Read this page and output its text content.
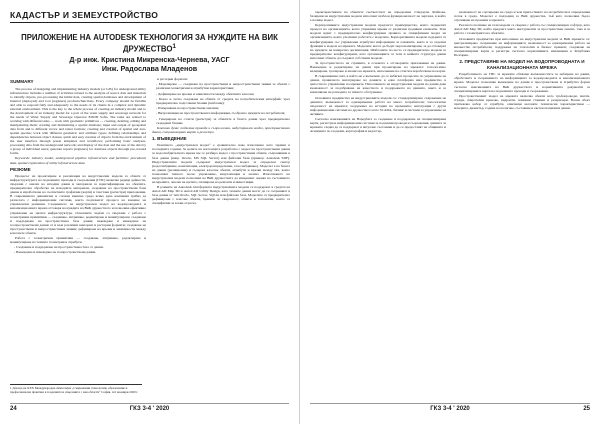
КАДАСТЪР И ЗЕМЕУСТРОЙСТВО
ПРИЛОЖЕНИЕ НА AUTODESK ТЕХНОЛОГИЯ ЗА НУЖДИТЕ НА ВИК ДРУЖЕСТВО$^1$
Д-р инж. Кристина Микренска-Чернева, УАСГ
Инж. Радослава Младенов

SUMMARY

The process of designing and implementing industry models (or GIS) for underground utility infrastructure includes a number of activities related to the analysis of source data and materials to identify objects, pre-processing the initial data, creating spatial databases and development of internal (deployed) and tool (registers) products/functions. Every company should be flexible and able to respond fully and adequately to the needs of its clients in a complex and dynamic external environment. This is the key to the whole process of creating an industry model and to the development of an industry model for a part of the water supply and sewerage network for the needs of Water Supply and Sewerage Operator EOOD Sofia. The tasks are related to working with different tasks — work with geometric primitives — creating, deleting, editing and manipulating them; creating and maintaining a spatial database; input and output of geospatial data from and to different vector and raster formats; creating and creation of spatial and non-spatial queries; work with different geometric and attribute types; defining relationships and dependencies between object classes; quick and easy creation of objects from the environment of the user interface through preset templates and workflows; performing basic analyses; processing data from the underground network; and display of the data and the use of the data by a group of individual users; generate reports (registers) for database objects through pre-created forms.

Keywords: industry model, underground pipeline infrastructure and facilities: procedural data, spatial registration of utility infrastructure data

РЕЗЮМЕ

Процесът на проектиране и реализация на индустриални модели за обекти от инфраструктурата на подземните проводи и съоръжения (ГПС) включва редица дейности, свързани с анализ на изходни данни и материали за идентифициране на обектите, предварителна обработка на изходните материали, създаване на пространствени бази данни и изработване на съответните графични (карти) и текстови (регистри) приложения. В съвременната динамична и сложна външна среда всяка една компания трябва да разполага с информационни системи, които подпомагат процеса на вземане на управленски решения. Създаването на индустриален модел на водопроводната и канализационната мрежа отговаря на нуждите на ВиК дружеството и позволява ефективно управление на цялата инфраструктура. Основните задачи са свързани с работа с геометрични примитиви — създаване, изтриване, редактиране и манипулиране; създаване и поддържане на пространствена база данни; въвеждане и извеждане на геопространствени данни от и към различни векторни и растерни формати; създаване на пространствени и непространствени заявки; дефиниране на връзки и зависимости между класовете обекти.

Работа с геометрични примитиви — създаване, изтриване, редактиране и манипулиране на техните геометрии и атрибути.

- Създаване и поддържане на пространствена база от данни.

- Въвеждане и извеждане на геопространствени данни.

1 Доклад на XXX Международен симпозиум „Съвременни технологии, образование и професионална практика в геодезията и свързаните с нея области“ София, 4-6 ноември 2020 г.

и растерни формати:

- Моделиране — създаване на пространствени и непространствени заявки за обекти с различни геометрични и атрибутни характеристики;

- Дефиниране на връзки и зависимости между обектните класове;

- Бързо и лесно създаване на обекти от средата на потребителския интерфейс чрез предварително подготвени бланки (шаблони);

- Извършване на пространствени анализи;

- Визуализация на пространствената информация, съобразно нуждите на потребителя;

- Генериране на отчети (регистри) за обектите в базата данни чрез предварително създадени бланки.

Ключови думи: подземни проводи и съоръжения, индустриален модел, пространствени данни, специализирани карти и регистри

1. ВЪВЕДЕНИЕ

Понятието „индустриален модел“ е сравнително ново използвано като термин в последните години. За целите на настоящата разработка с модел на пространствени данни за водоснабдителната мрежа ще се разбира модел с пространствени обекти, съхранявани в база данни (напр. Oracle, MS SQL Server) или файлови бази (пример: Autodesk SDF). Индустриалните модели съдържат индустриален модел за определен сектор (водоснабдяване, канализация, електроразпределение, газоснабдяване). Моделът е на базата на данни (релационна) и съдържа класове обекти, атрибути и връзки между тях, които позволяват тяхното лесно управление, визуализация и анализ. Използването на индустриални модели позволява на ВиК дружествата да извършват оценка на състоянието на мрежите, анализ на щетите, планиране на ремонти и инвестиции.

В рамките на Autodesk платформата индустриалните модели се поддържат в средата на AutoCAD Map 3D и AutoCAD Utility Design, като техните данни могат да се съхраняват в база данни от тип Oracle, SQL Server, SQLite или файлова база. Моделите са предварително дефинирани с класове обекти, правила за свързаност, обекти и топологии, които са специфични за всеки отрасъл.

24	ГКЗ 3-4 ' 2020

характеристиките на обектите съответстват на определени стандарти. Файлове, базирани на индустриални модели използват шаблон функционалност на чертежа, в който е налице модел.

Корпоративните индустриални модели предлагат преимущества, които подкрепят процеса на организацията, която управлява мрежи от различни градивни елементи. Тези модели идват с предварително конфигурирани правила за специфичния модел на организацията, които улесняват работата с моделите. Корпоративните модели съдържат са конфигурирани със управление атрибутна информация за елементи, както и за отделни функции в модела на мрежата. Моделите могат да бъдат персонализирани, за да отговарят на нуждите на конкретна организация. Шаблоните по-често са предварително модели за предварително конфигурирани, като организациите за тези и нейната структура данни използват обекти, да създават собствени модели.

За пространството на стримите, в основата е отговорните приложения на данни. Въвеждане и редактиране на данни при проектиране на мрежата: топологично валидиране, трасиране и анализ на мрежата, изпълнение на отчети и изработване на карти.

В съвременния свят, в който не е възможно да се избягват процесите по управление на данни, правилното интегриране на данните в една платформа има предимство в цялостното управление на мрежите. Използването на индустриални модели на данни дава възможност за подобряване на качеството и поддръжката на данните, както и за намаляване на разходите за тяхното обслужване.

Основните предимства на индустриалните модели са: стандартизирано съхранение на данните; възможност за едновременна работа на много потребители; топологична свързаност на мрежата; поддръжка на история на промените; интеграция с други информационни системи на дружеството като SCADA, билинг и системи за управление на активите.

Съгласно изискванията на Наредбата за създаване и поддържане на специализирани карти, регистри и информационни системи за подземни проводи и съоръжения, данните за мрежите следва да се поддържат в актуално състояние и да се предоставят на общините и Агенцията по геодезия, картография и кадастър.

възможност на сортировка на среда и чем присъствието на потребители в определения поток в среда. Моделът е подходящ за ВиК дружества, тъй като позволява бързо отразяване на промени в мрежата.

Реалното ползване на тези модели се свързва с работа със специализиран софтуер, като AutoCAD Map 3D, който предлага както инструменти за пространствен анализ, така и за работа с геометрията на обектите.

Основните предимства при използване на индустриални модели за ВиК мрежите са: централизирано съхранение на информацията; възможност за едновременна работа на множество потребители; поддръжка на топология и бизнес правила; създаване на специализирани карти и регистри съгласно нормативните изисквания в Република България.

2. ПРЕДСТАВЯНЕ НА МОДЕЛ НА ВОДОПРОВОДНАТА И КАНАЛИЗАЦИОННАТА МРЕЖА

Разработването на ГИС за мрежите обхваща възможностите за набиране на данни, обработката и съхранението на информацията за водопроводната и канализационната мрежа. Моделът позволява въвеждане на данни в пространствена и атрибутна форма съгласно изискванията на ВиК дружеството и нормативните документи за специализираните карти на подземните проводи и съоръжения.

Пространственият модел на мрежата включва обекти като тръбопроводи, шахти, сгради, спирателни кранове, хидранти, помпени станции и резервоари. Всеки обект притежава набор от атрибути, описващи неговите технически характеристики — материал, диаметър, година на полагане, състояние и експлоатационни данни.

ГКЗ 3-4 ' 2020	25
